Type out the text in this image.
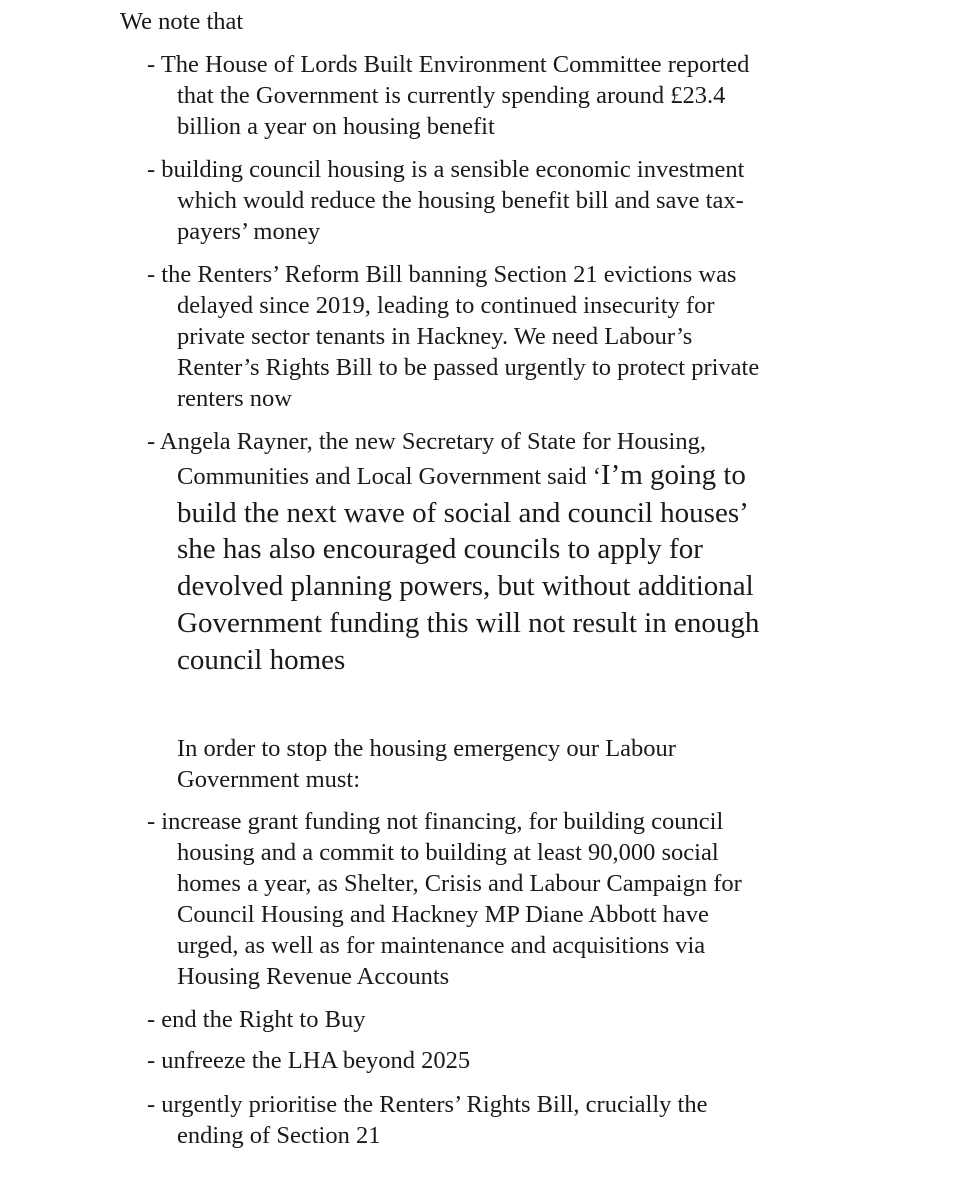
We note that

- The House of Lords Built Environment Committee reported

that the Government is currently spending around £23.4

billion a year on housing benefit

- building council housing is a sensible economic investment

which would reduce the housing benefit bill and save tax-

payers’ money

- the Renters’ Reform Bill banning Section 21 evictions was

delayed since 2019, leading to continued insecurity for

private sector tenants in Hackney. We need Labour’s

Renter’s Rights Bill to be passed urgently to protect private

renters now

- Angela Rayner, the new Secretary of State for Housing,

Communities and Local Government said ‘I’m going to

build the next wave of social and council houses’

she has also encouraged councils to apply for

devolved planning powers, but without additional

Government funding this will not result in enough

council homes

In order to stop the housing emergency our Labour

Government must:

- increase grant funding not financing, for building council

housing and a commit to building at least 90,000 social

homes a year, as Shelter, Crisis and Labour Campaign for

Council Housing and Hackney MP Diane Abbott have

urged, as well as for maintenance and acquisitions via

Housing Revenue Accounts

- end the Right to Buy

- unfreeze the LHA beyond 2025

- urgently prioritise the Renters’ Rights Bill, crucially the

ending of Section 21
